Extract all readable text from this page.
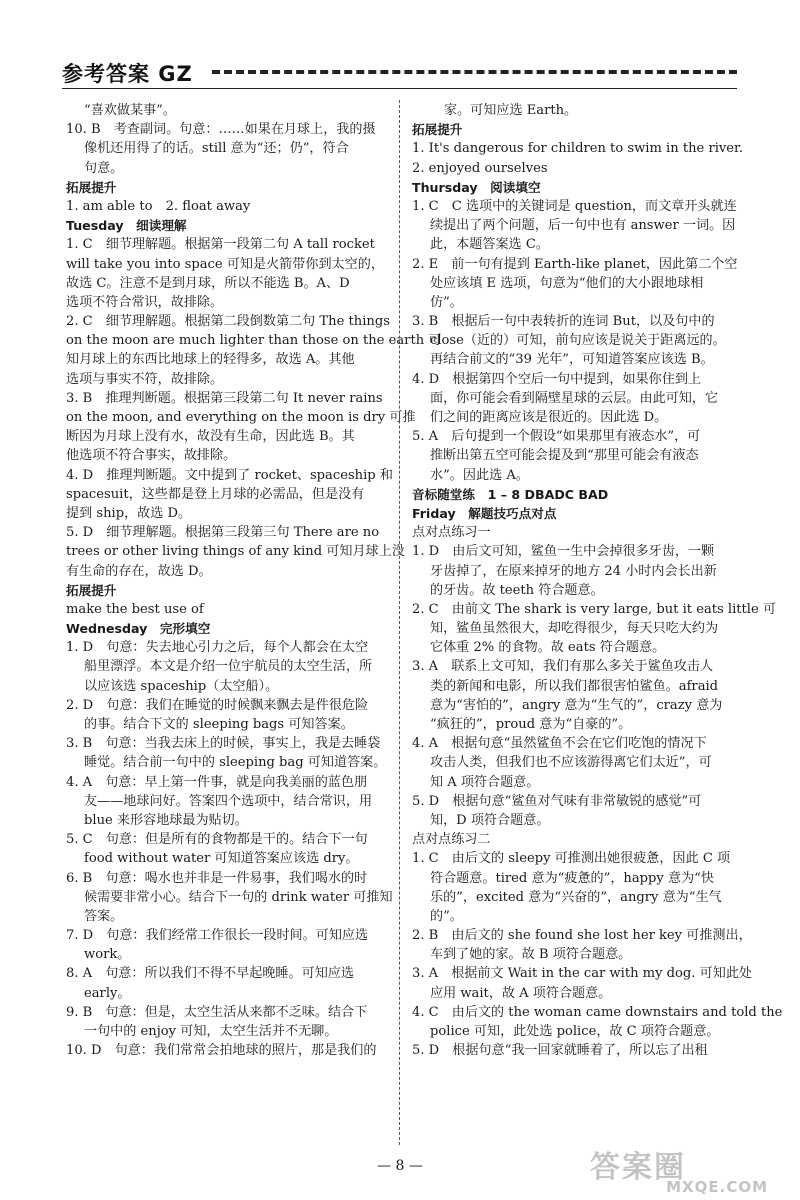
参考答案 GZ
“喜欢做某事”。
10. B　考查副词。句意：……如果在月球上，我的摄
像机还用得了的话。still 意为“还；仍”，符合
句意。
拓展提升
1. am able to　2. float away
Tuesday　细读理解
1. C　细节理解题。根据第一段第二句 A tall rocket
will take you into space 可知是火箭带你到太空的，
故选 C。注意不是到月球，所以不能选 B。A、D
选项不符合常识，故排除。
2. C　细节理解题。根据第二段倒数第二句 The things
on the moon are much lighter than those on the earth 可
知月球上的东西比地球上的轻得多，故选 A。其他
选项与事实不符，故排除。
3. B　推理判断题。根据第三段第二句 It never rains
on the moon, and everything on the moon is dry 可推
断因为月球上没有水，故没有生命，因此选 B。其
他选项不符合事实，故排除。
4. D　推理判断题。文中提到了 rocket、spaceship 和
spacesuit，这些都是登上月球的必需品，但是没有
提到 ship，故选 D。
5. D　细节理解题。根据第三段第三句 There are no
trees or other living things of any kind 可知月球上没
有生命的存在，故选 D。
拓展提升
make the best use of
Wednesday　完形填空
1. D　句意：失去地心引力之后，每个人都会在太空
船里漂浮。本文是介绍一位宇航员的太空生活，所
以应该选 spaceship（太空船）。
2. D　句意：我们在睡觉的时候飘来飘去是件很危险
的事。结合下文的 sleeping bags 可知答案。
3. B　句意：当我去床上的时候，事实上，我是去睡袋
睡觉。结合前一句中的 sleeping bag 可知道答案。
4. A　句意：早上第一件事，就是向我美丽的蓝色朋
友——地球问好。答案四个选项中，结合常识，用
blue 来形容地球最为贴切。
5. C　句意：但是所有的食物都是干的。结合下一句
food without water 可知道答案应该选 dry。
6. B　句意：喝水也并非是一件易事，我们喝水的时
候需要非常小心。结合下一句的 drink water 可推知
答案。
7. D　句意：我们经常工作很长一段时间。可知应选
work。
8. A　句意：所以我们不得不早起晚睡。可知应选
early。
9. B　句意：但是，太空生活从来都不乏味。结合下
一句中的 enjoy 可知，太空生活并不无聊。
10. D　句意：我们常常会拍地球的照片，那是我们的
家。可知应选 Earth。
拓展提升
1. It's dangerous for children to swim in the river.
2. enjoyed ourselves
Thursday　阅读填空
1. C　C 选项中的关键词是 question，而文章开头就连
续提出了两个问题，后一句中也有 answer 一词。因
此，本题答案选 C。
2. E　前一句有提到 Earth-like planet，因此第二个空
处应该填 E 选项，句意为“他们的大小跟地球相
仿”。
3. B　根据后一句中表转折的连词 But，以及句中的
close（近的）可知，前句应该是说关于距离远的。
再结合前文的“39 光年”，可知道答案应该选 B。
4. D　根据第四个空后一句中提到，如果你住到上
面，你可能会看到隔壁星球的云层。由此可知，它
们之间的距离应该是很近的。因此选 D。
5. A　后句提到一个假设“如果那里有液态水”，可
推断出第五空可能会提及到“那里可能会有液态
水”。因此选 A。
音标随堂练　1 – 8 DBADC BAD
Friday　解题技巧点对点
点对点练习一
1. D　由后文可知，鲨鱼一生中会掉很多牙齿，一颗
牙齿掉了，在原来掉牙的地方 24 小时内会长出新
的牙齿。故 teeth 符合题意。
2. C　由前文 The shark is very large, but it eats little 可
知，鲨鱼虽然很大，却吃得很少，每天只吃大约为
它体重 2% 的食物。故 eats 符合题意。
3. A　联系上文可知，我们有那么多关于鲨鱼攻击人
类的新闻和电影，所以我们都很害怕鲨鱼。afraid
意为“害怕的”，angry 意为“生气的”，crazy 意为
“疯狂的”，proud 意为“自豪的”。
4. A　根据句意“虽然鲨鱼不会在它们吃饱的情况下
攻击人类，但我们也不应该游得离它们太近”，可
知 A 项符合题意。
5. D　根据句意“鲨鱼对气味有非常敏锐的感觉”可
知，D 项符合题意。
点对点练习二
1. C　由后文的 sleepy 可推测出她很疲惫，因此 C 项
符合题意。tired 意为“疲惫的”，happy 意为“快
乐的”，excited 意为“兴奋的”，angry 意为“生气
的”。
2. B　由后文的 she found she lost her key 可推测出，
车到了她的家。故 B 项符合题意。
3. A　根据前文 Wait in the car with my dog. 可知此处
应用 wait，故 A 项符合题意。
4. C　由后文的 the woman came downstairs and told the
police 可知，此处选 police，故 C 项符合题意。
5. D　根据句意“我一回家就睡着了，所以忘了出租
— 8 —	答案圈
MXQE.COM
